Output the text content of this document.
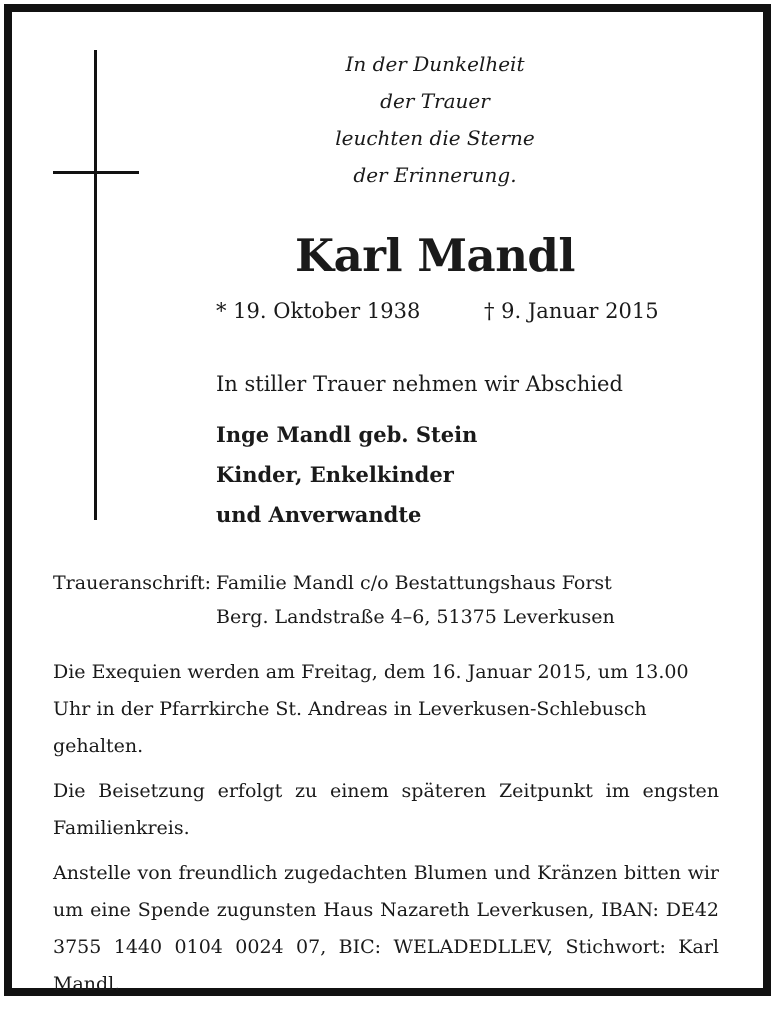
In der Dunkelheit
der Trauer
leuchten die Sterne
der Erinnerung.
Karl Mandl
* 19. Oktober 1938	† 9. Januar 2015
In stiller Trauer nehmen wir Abschied
Inge Mandl geb. Stein
Kinder, Enkelkinder
und Anverwandte
Traueranschrift: Familie Mandl c/o Bestattungshaus Forst
Berg. Landstraße 4–6, 51375 Leverkusen

Die Exequien werden am Freitag, dem 16. Januar 2015, um 13.00 Uhr in der Pfarrkirche St. Andreas in Leverkusen-Schlebusch gehalten.

Die Beisetzung erfolgt zu einem späteren Zeitpunkt im engsten Familienkreis.

Anstelle von freundlich zugedachten Blumen und Kränzen bitten wir um eine Spende zugunsten Haus Nazareth Leverkusen, IBAN: DE42 3755 1440 0104 0024 07, BIC: WELADEDLLEV, Stichwort: Karl Mandl.
